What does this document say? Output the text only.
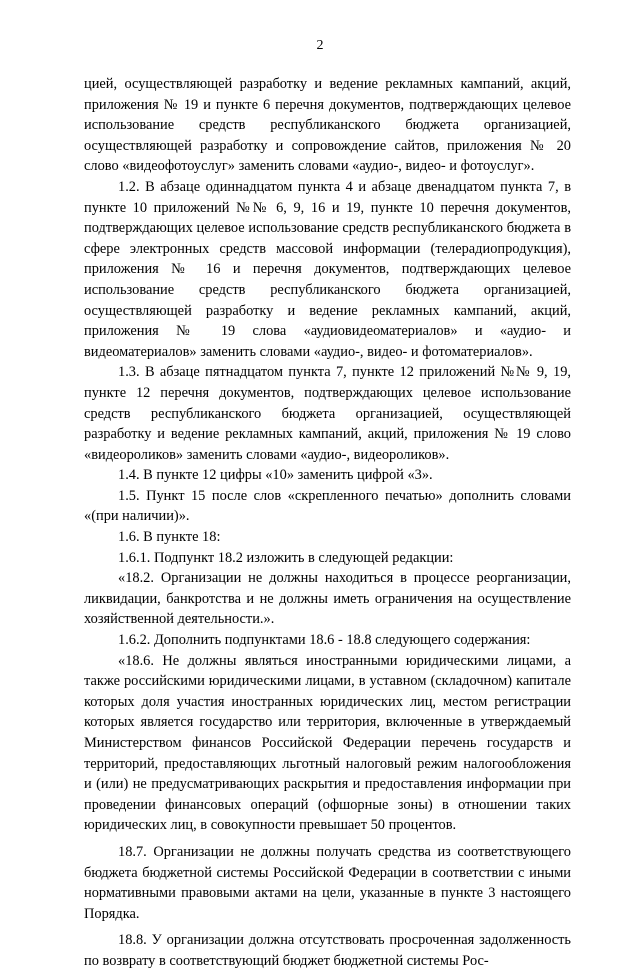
2

цией, осуществляющей разработку и ведение рекламных кампаний, акций, приложения № 19 и пункте 6 перечня документов, подтверждающих целевое использование средств республиканского бюджета организацией, осуществляющей разработку и сопровождение сайтов, приложения № 20 слово «видеофотоуслуг» заменить словами «аудио-, видео- и фотоуслуг».

1.2. В абзаце одиннадцатом пункта 4 и абзаце двенадцатом пункта 7, в пункте 10 приложений №№ 6, 9, 16 и 19, пункте 10 перечня документов, подтверждающих целевое использование средств республиканского бюджета в сфере электронных средств массовой информации (телерадиопродукция), приложения № 16 и перечня документов, подтверждающих целевое использование средств республиканского бюджета организацией, осуществляющей разработку и ведение рекламных кампаний, акций, приложения № 19 слова «аудиовидеоматериалов» и «аудио- и видеоматериалов» заменить словами «аудио-, видео- и фотоматериалов».

1.3. В абзаце пятнадцатом пункта 7, пункте 12 приложений №№ 9, 19, пункте 12 перечня документов, подтверждающих целевое использование средств республиканского бюджета организацией, осуществляющей разработку и ведение рекламных кампаний, акций, приложения № 19 слово «видеороликов» заменить словами «аудио-, видеороликов».

1.4. В пункте 12 цифры «10» заменить цифрой «3».

1.5. Пункт 15 после слов «скрепленного печатью» дополнить словами «(при наличии)».

1.6. В пункте 18:

1.6.1. Подпункт 18.2 изложить в следующей редакции:

«18.2. Организации не должны находиться в процессе реорганизации, ликвидации, банкротства и не должны иметь ограничения на осуществление хозяйственной деятельности.».

1.6.2. Дополнить подпунктами 18.6 - 18.8 следующего содержания:

«18.6. Не должны являться иностранными юридическими лицами, а также российскими юридическими лицами, в уставном (складочном) капитале которых доля участия иностранных юридических лиц, местом регистрации которых является государство или территория, включенные в утверждаемый Министерством финансов Российской Федерации перечень государств и территорий, предоставляющих льготный налоговый режим налогообложения и (или) не предусматривающих раскрытия и предоставления информации при проведении финансовых операций (офшорные зоны) в отношении таких юридических лиц, в совокупности превышает 50 процентов.

18.7. Организации не должны получать средства из соответствующего бюджета бюджетной системы Российской Федерации в соответствии с иными нормативными правовыми актами на цели, указанные в пункте 3 настоящего Порядка.

18.8. У организации должна отсутствовать просроченная задолженность по возврату в соответствующий бюджет бюджетной системы Рос-
